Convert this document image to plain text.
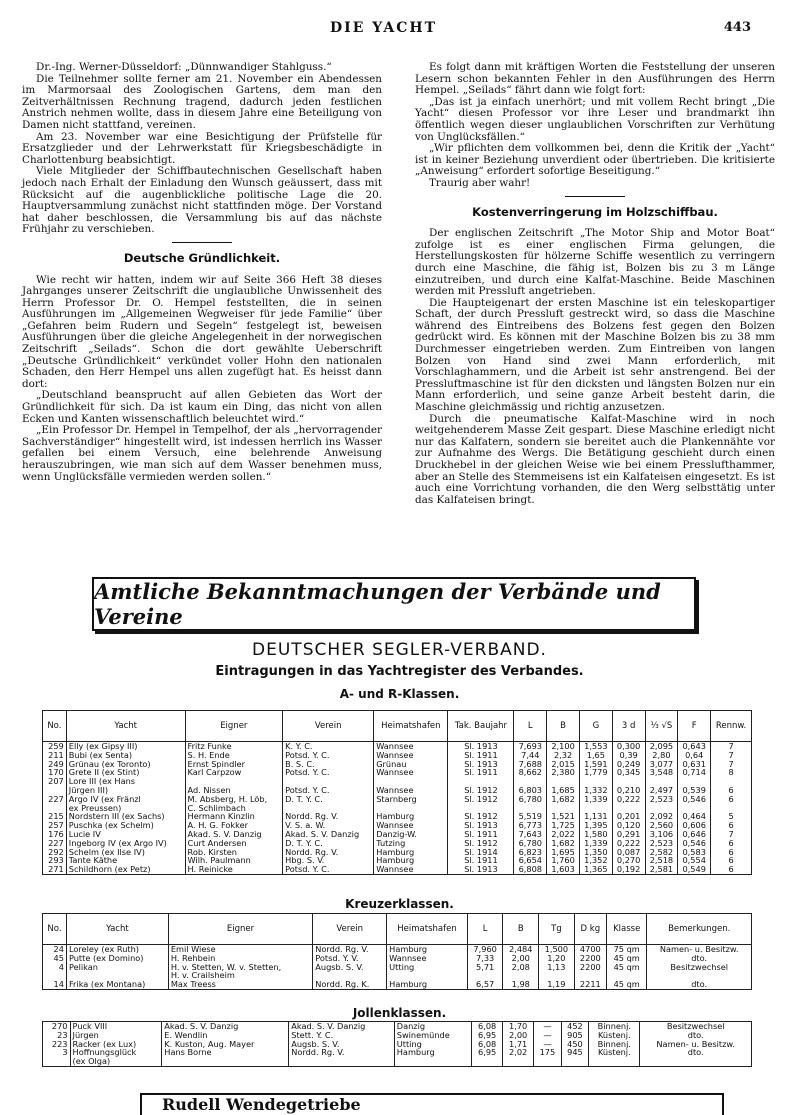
DIE YACHT	443

Dr.-Ing. Werner-Düsseldorf: „Dünnwandiger Stahlguss.“

Die Teilnehmer sollte ferner am 21. November ein Abendessen im Marmorsaal des Zoologischen Gartens, dem man den Zeitverhältnissen Rechnung tragend, dadurch jeden festlichen Anstrich nehmen wollte, dass in diesem Jahre eine Beteiligung von Damen nicht stattfand, vereinen.

Am 23. November war eine Besichtigung der Prüfstelle für Ersatzglieder und der Lehrwerkstatt für Kriegsbeschädigte in Charlottenburg beabsichtigt.

Viele Mitglieder der Schiffbautechnischen Gesellschaft haben jedoch nach Erhalt der Einladung den Wunsch geäussert, dass mit Rücksicht auf die augenblickliche politische Lage die 20. Hauptversammlung zunächst nicht stattfinden möge. Der Vorstand hat daher beschlossen, die Versammlung bis auf das nächste Frühjahr zu verschieben.

Deutsche Gründlichkeit.

Wie recht wir hatten, indem wir auf Seite 366 Heft 38 dieses Jahrganges unserer Zeitschrift die unglaubliche Unwissenheit des Herrn Professor Dr. O. Hempel feststellten, die in seinen Ausführungen im „Allgemeinen Wegweiser für jede Familie“ über „Gefahren beim Rudern und Segeln“ festgelegt ist, beweisen Ausführungen über die gleiche Angelegenheit in der norwegischen Zeitschrift „Seilads“. Schon die dort gewählte Ueberschrift „Deutsche Gründlichkeit“ verkündet voller Hohn den nationalen Schaden, den Herr Hempel uns allen zugefügt hat. Es heisst dann dort:

„Deutschland beansprucht auf allen Gebieten das Wort der Gründlichkeit für sich. Da ist kaum ein Ding, das nicht von allen Ecken und Kanten wissenschaftlich beleuchtet wird.“

„Ein Professor Dr. Hempel in Tempelhof, der als „hervorragender Sachverständiger“ hingestellt wird, ist indessen herrlich ins Wasser gefallen bei einem Versuch, eine belehrende Anweisung herauszubringen, wie man sich auf dem Wasser benehmen muss, wenn Unglücksfälle vermieden werden sollen.“

Es folgt dann mit kräftigen Worten die Feststellung der unseren Lesern schon bekannten Fehler in den Ausführungen des Herrn Hempel. „Seilads“ fährt dann wie folgt fort:

„Das ist ja einfach unerhört; und mit vollem Recht bringt „Die Yacht“ diesen Professor vor ihre Leser und brandmarkt ihn öffentlich wegen dieser unglaublichen Vorschriften zur Verhütung von Unglücksfällen.“

„Wir pflichten dem vollkommen bei, denn die Kritik der „Yacht“ ist in keiner Beziehung unverdient oder übertrieben. Die kritisierte „Anweisung“ erfordert sofortige Beseitigung.“

Traurig aber wahr!

Kostenverringerung im Holzschiffbau.

Der englischen Zeitschrift „The Motor Ship and Motor Boat“ zufolge ist es einer englischen Firma gelungen, die Herstellungskosten für hölzerne Schiffe wesentlich zu verringern durch eine Maschine, die fähig ist, Bolzen bis zu 3 m Länge einzutreiben, und durch eine Kalfat-Maschine. Beide Maschinen werden mit Pressluft angetrieben.

Die Haupteigenart der ersten Maschine ist ein teleskopartiger Schaft, der durch Pressluft gestreckt wird, so dass die Maschine während des Eintreibens des Bolzens fest gegen den Bolzen gedrückt wird. Es können mit der Maschine Bolzen bis zu 38 mm Durchmesser eingetrieben werden. Zum Eintreiben von langen Bolzen von Hand sind zwei Mann erforderlich, mit Vorschlaghammern, und die Arbeit ist sehr anstrengend. Bei der Pressluftmaschine ist für den dicksten und längsten Bolzen nur ein Mann erforderlich, und seine ganze Arbeit besteht darin, die Maschine gleichmässig und richtig anzusetzen.

Durch die pneumatische Kalfat-Maschine wird in noch weitgehenderem Masse Zeit gespart. Diese Maschine erledigt nicht nur das Kalfatern, sondern sie bereitet auch die Plankennähte vor zur Aufnahme des Wergs. Die Betätigung geschieht durch einen Druckhebel in der gleichen Weise wie bei einem Presslufthammer, aber an Stelle des Stemmeisens ist ein Kalfateisen eingesetzt. Es ist auch eine Vorrichtung vorhanden, die den Werg selbsttätig unter das Kalfateisen bringt.

Amtliche Bekanntmachungen der Verbände und Vereine
DEUTSCHER SEGLER-VERBAND.
Eintragungen in das Yachtregister des Verbandes.
A- und R-Klassen.
No.	Yacht	Eigner	Verein	Heimatshafen	Tak. Baujahr	L	B	G	3 d	⅓ √S	F	Rennw.
259	Elly (ex Gipsy III)	Fritz Funke	K. Y. C.	Wannsee	Sl. 1913	7,693	2,100	1,553	0,300	2,095	0,643	7
211	Bubi (ex Senta)	S. H. Ende	Potsd. Y. C.	Wannsee	Sl. 1911	7,44	2,32	1,65	0,39	2,80	0,64	7
249	Grünau (ex Toronto)	Ernst Spindler	B. S. C.	Grünau	Sl. 1913	7,688	2,015	1,591	0,249	3,077	0,631	7
170	Grete II (ex Stint)	Karl Carpzow	Potsd. Y. C.	Wannsee	Sl. 1911	8,662	2,380	1,779	0,345	3,548	0,714	8
207	Lore III (ex Hans											
	Jürgen III)	Ad. Nissen	Potsd. Y. C.	Wannsee	Sl. 1912	6,803	1,685	1,332	0,210	2,497	0,539	6
227	Argo IV (ex Fränzl	M. Absberg, H. Löb,	D. T. Y. C.	Starnberg	Sl. 1912	6,780	1,682	1,339	0,222	2,523	0,546	6
	ex Preussen)	C. Schlimbach										
215	Nordstern III (ex Sachs)	Hermann Kinzlin	Nordd. Rg. V.	Hamburg	Sl. 1912	5,519	1,521	1,131	0,201	2,092	0,464	5
257	Puschka (ex Schelm)	A. H. G. Fokker	V. S. a. W.	Wannsee	Sl. 1913	6,773	1,725	1,395	0,120	2,560	0,606	6
176	Lucie IV	Akad. S. V. Danzig	Akad. S. V. Danzig	Danzig-W.	Sl. 1911	7,643	2,022	1,580	0,291	3,106	0,646	7
227	Ingeborg IV (ex Argo IV)	Curt Andersen	D. T. Y. C.	Tutzing	Sl. 1912	6,780	1,682	1,339	0,222	2,523	0,546	6
292	Schelm (ex Ilse IV)	Rob. Kirsten	Nordd. Rg. V.	Hamburg	Sl. 1914	6,823	1,695	1,350	0,087	2,582	0,583	6
293	Tante Käthe	Wilh. Paulmann	Hbg. S. V.	Hamburg	Sl. 1911	6,654	1,760	1,352	0,270	2,518	0,554	6
271	Schildhorn (ex Petz)	H. Reinicke	Potsd. Y. C.	Wannsee	Sl. 1913	6,808	1,603	1,365	0,192	2,581	0,549	6
Kreuzerklassen.
No.	Yacht	Eigner	Verein	Heimatshafen	L	B	Tg	D kg	Klasse	Bemerkungen.
24	Loreley (ex Ruth)	Emil Wiese	Nordd. Rg. V.	Hamburg	7,960	2,484	1,500	4700	75 qm	Namen- u. Besitzw.
45	Putte (ex Domino)	H. Rehbein	Potsd. Y. V.	Wannsee	7,33	2,00	1,20	2200	45 qm	dto.
4	Pelikan	H. v. Stetten, W. v. Stetten,	Augsb. S. V.	Utting	5,71	2,08	1,13	2200	45 qm	Besitzwechsel
		H. v. Crailsheim								
14	Frika (ex Montana)	Max Treess	Nordd. Rg. K.	Hamburg	6,57	1,98	1,19	2211	45 qm	dto.
Jollenklassen.
270	Puck VIII	Akad. S. V. Danzig	Akad. S. V. Danzig	Danzig	6,08	1,70	—	452	Binnenj.	Besitzwechsel
23	Jürgen	E. Wendlin	Stett. Y. C.	Swinemünde	6,95	2,00	—	905	Küstenj.	dto.
223	Racker (ex Lux)	K. Kuston, Aug. Mayer	Augsb. S. V.	Utting	6,08	1,71	—	450	Binnenj.	Namen- u. Besitzw.
3	Hoffnungsglück	Hans Borne	Nordd. Rg. V.	Hamburg	6,95	2,02	175	945	Küstenj.	dto.
	(ex Olga)									
Rudell Wendegetriebe
